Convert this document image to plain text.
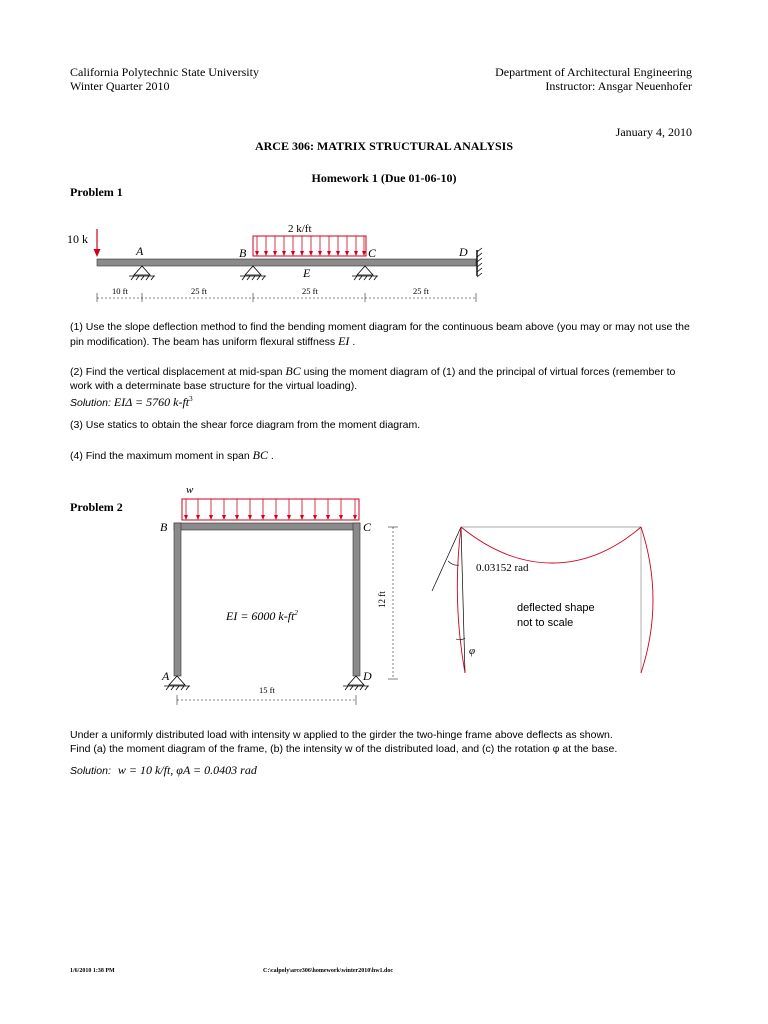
California Polytechnic State University
Winter Quarter 2010
Department of Architectural Engineering
Instructor: Ansgar Neuenhofer
January 4, 2010
ARCE 306: MATRIX STRUCTURAL ANALYSIS
Homework 1 (Due 01-06-10)
Problem 1
10 k
2 k/ft
A	B	C	D
E
10 ft	25 ft	25 ft	25 ft
(1) Use the slope deflection method to find the bending moment diagram for the continuous beam above (you may or may not use the pin modification). The beam has uniform flexural stiffness EI .
(2) Find the vertical displacement at mid-span BC using the moment diagram of (1) and the principal of virtual forces (remember to work with a determinate base structure for the virtual loading).
Solution: EIΔ = 5760 $k-ft^3$
(3) Use statics to obtain the shear force diagram from the moment diagram.
(4) Find the maximum moment in span BC .
Problem 2
w
B	C
A	D
EI = 6000 $k-ft^2$
12 ft
15 ft
0.03152 rad
deflected shape
not to scale
φ
Under a uniformly distributed load with intensity w applied to the girder the two-hinge frame above deflects as shown.
Find (a) the moment diagram of the frame, (b) the intensity w of the distributed load, and (c) the rotation φ at the base.
Solution: w = 10 k/ft, φA = 0.0403 rad
1/6/2010 1:38 PM	C:\calpoly\arce306\homework\winter2010\hw1.doc
